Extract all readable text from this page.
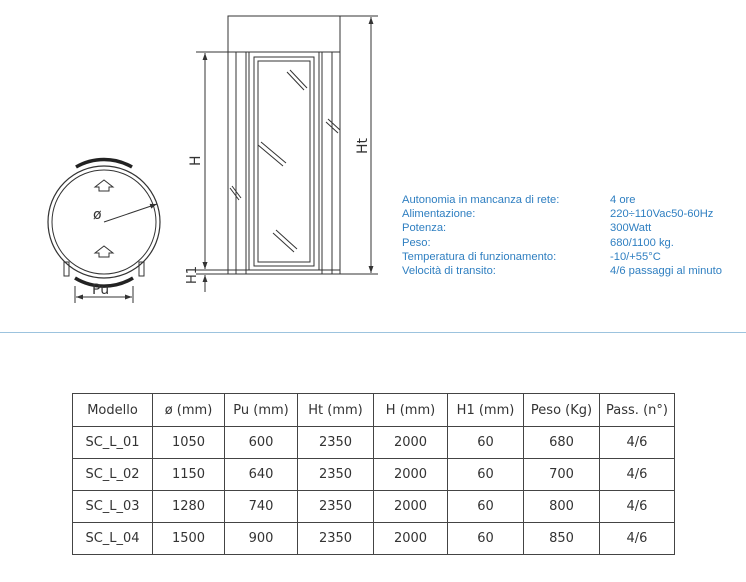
ø
Pu
H
Ht
H1
Autonomia in mancanza di rete:	4 ore
Alimentazione:	220÷110Vac50-60Hz
Potenza:	300Watt
Peso:	680/1100 kg.
Temperatura di funzionamento:	-10/+55°C
Velocità di transito:	4/6 passaggi al minuto
Modello	ø (mm)	Pu (mm)	Ht (mm)	H (mm)	H1 (mm)	Peso (Kg)	Pass. (n°)
SC_L_01	1050	600	2350	2000	60	680	4/6
SC_L_02	1150	640	2350	2000	60	700	4/6
SC_L_03	1280	740	2350	2000	60	800	4/6
SC_L_04	1500	900	2350	2000	60	850	4/6
